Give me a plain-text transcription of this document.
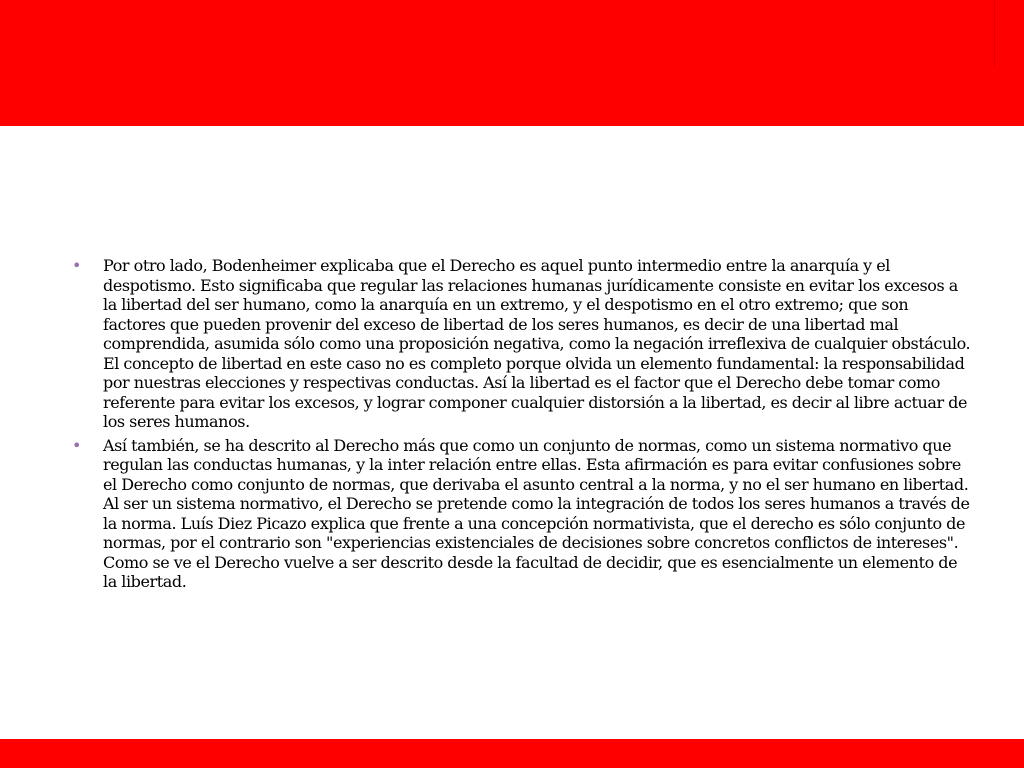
• Por otro lado, Bodenheimer explicaba que el Derecho es aquel punto intermedio entre la anarquía y el despotismo. Esto significaba que regular las relaciones humanas jurídicamente consiste en evitar los excesos a la libertad del ser humano, como la anarquía en un extremo, y el despotismo en el otro extremo; que son factores que pueden provenir del exceso de libertad de los seres humanos, es decir de una libertad mal comprendida, asumida sólo como una proposición negativa, como la negación irreflexiva de cualquier obstáculo. El concepto de libertad en este caso no es completo porque olvida un elemento fundamental: la responsabilidad por nuestras elecciones y respectivas conductas. Así la libertad es el factor que el Derecho debe tomar como referente para evitar los excesos, y lograr componer cualquier distorsión a la libertad, es decir al libre actuar de los seres humanos.
• Así también, se ha descrito al Derecho más que como un conjunto de normas, como un sistema normativo que regulan las conductas humanas, y la inter relación entre ellas. Esta afirmación es para evitar confusiones sobre el Derecho como conjunto de normas, que derivaba el asunto central a la norma, y no el ser humano en libertad. Al ser un sistema normativo, el Derecho se pretende como la integración de todos los seres humanos a través de la norma. Luís Diez Picazo explica que frente a una concepción normativista, que el derecho es sólo conjunto de normas, por el contrario son "experiencias existenciales de decisiones sobre concretos conflictos de intereses". Como se ve el Derecho vuelve a ser descrito desde la facultad de decidir, que es esencialmente un elemento de la libertad.
